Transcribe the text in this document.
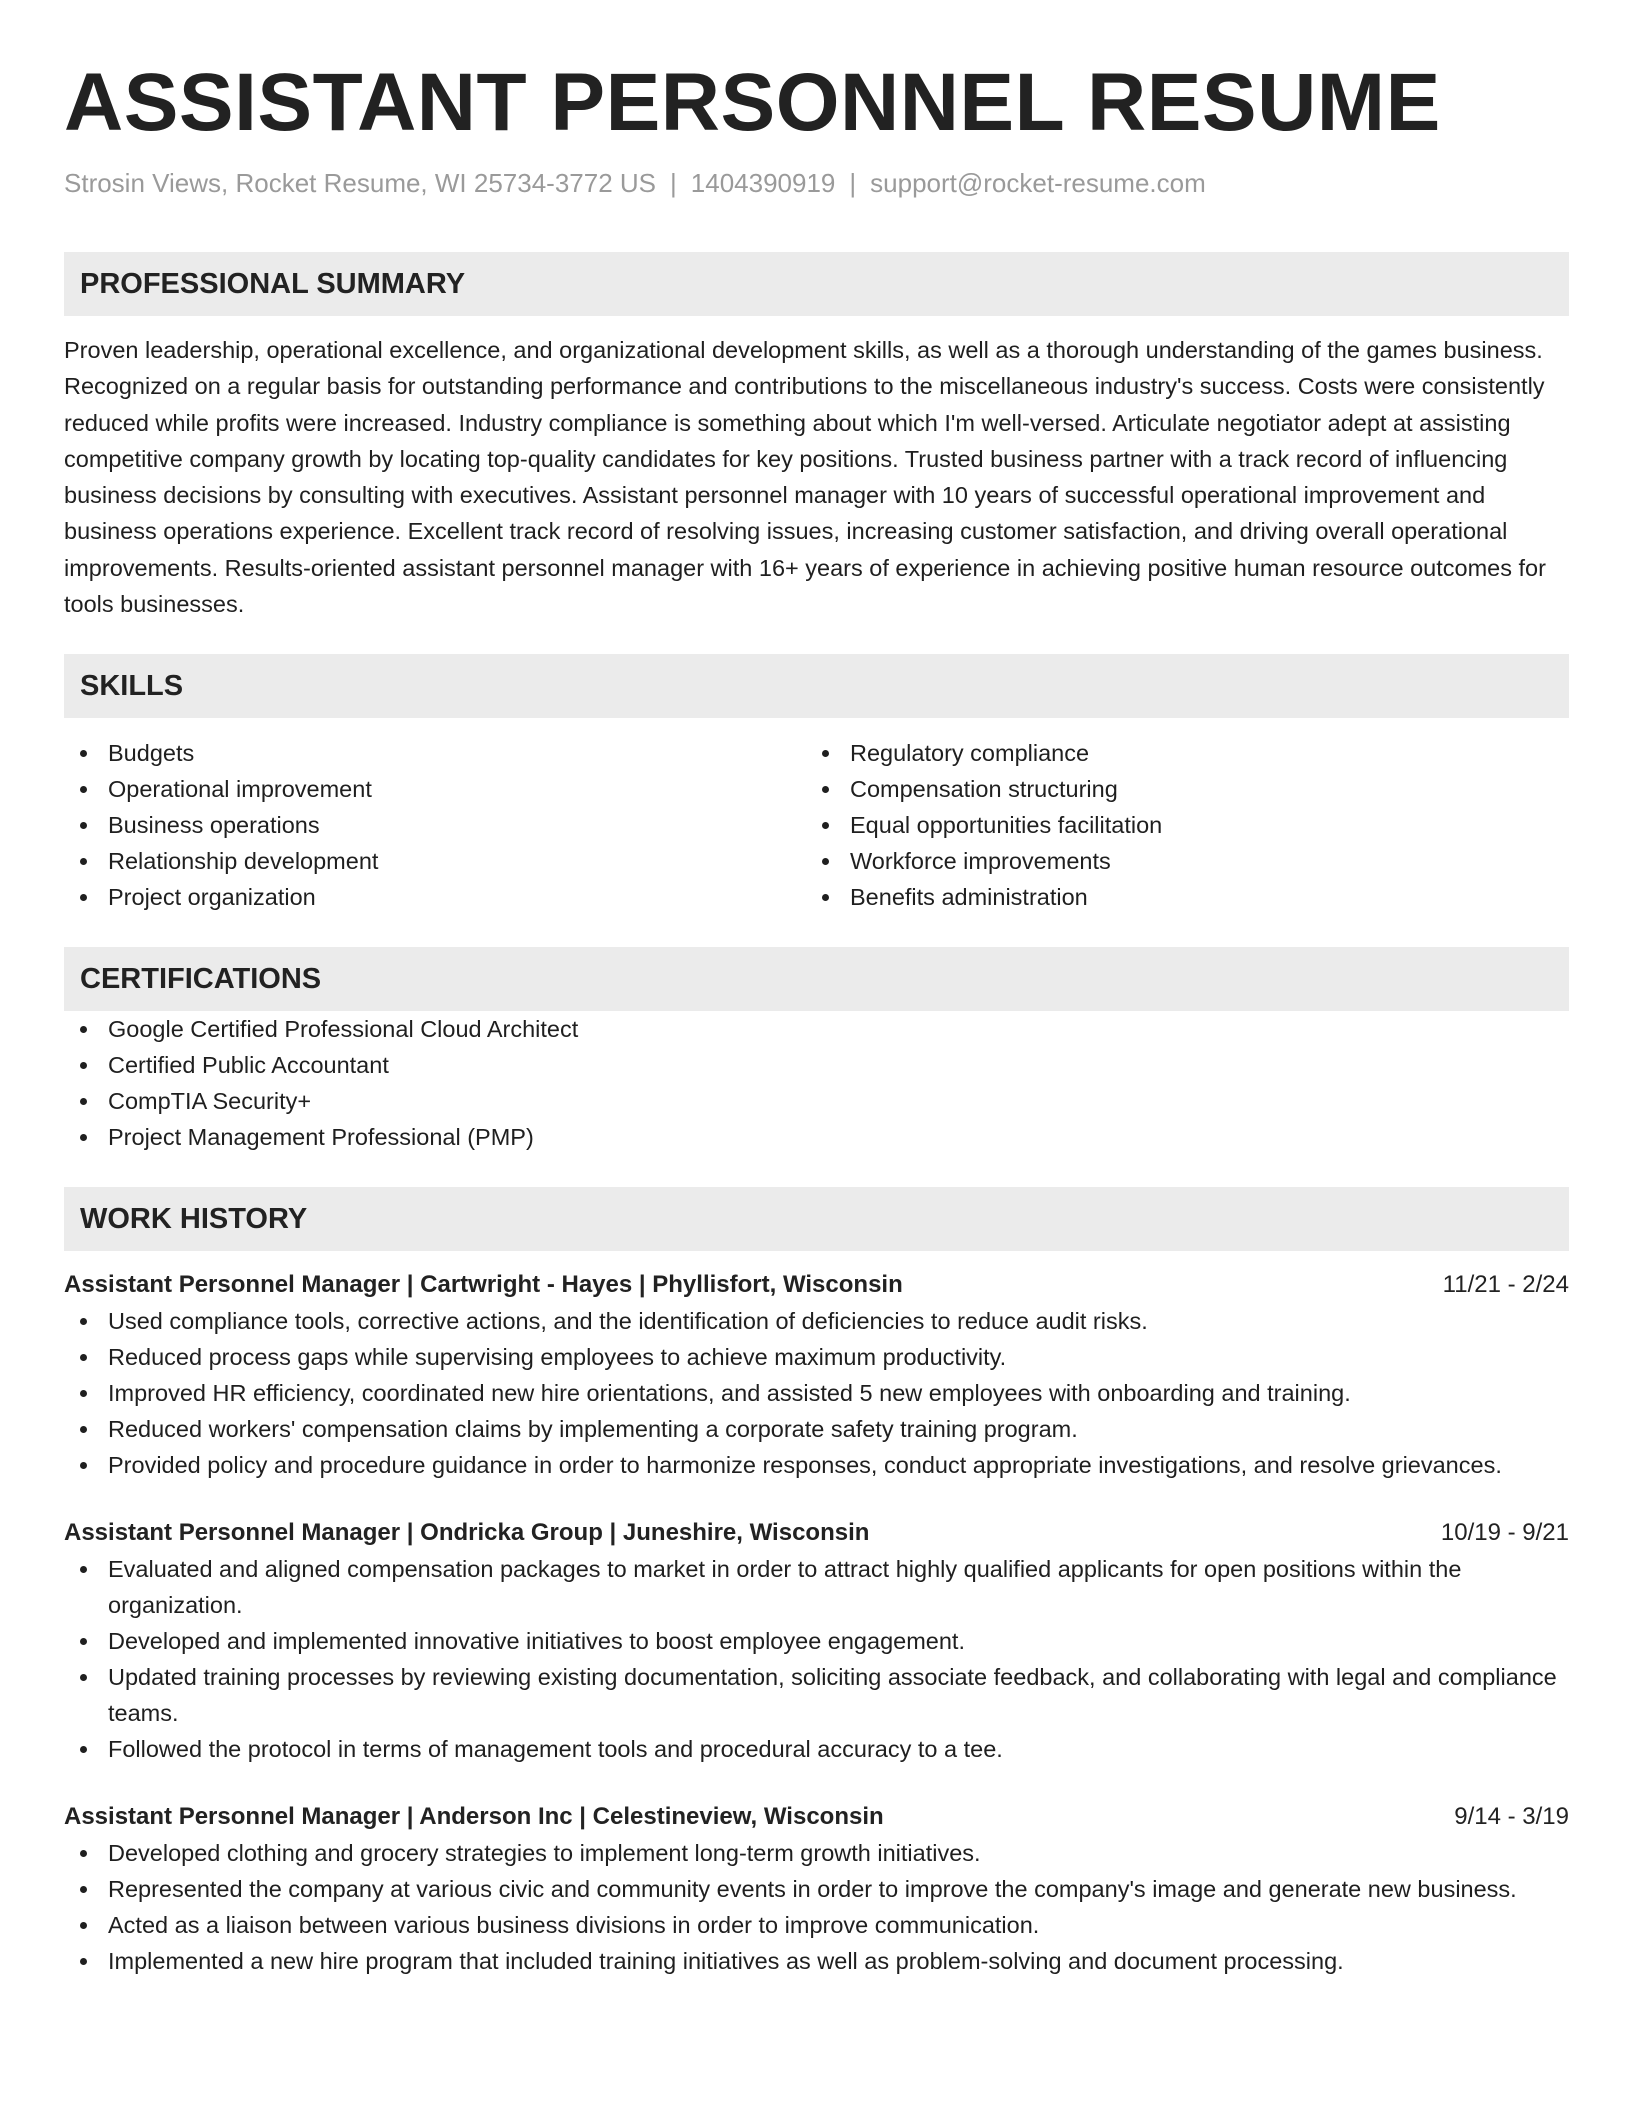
ASSISTANT PERSONNEL RESUME
Strosin Views, Rocket Resume, WI 25734-3772 US | 1404390919 | support@rocket-resume.com
PROFESSIONAL SUMMARY
Proven leadership, operational excellence, and organizational development skills, as well as a thorough understanding of the games business. Recognized on a regular basis for outstanding performance and contributions to the miscellaneous industry's success. Costs were consistently reduced while profits were increased. Industry compliance is something about which I'm well-versed. Articulate negotiator adept at assisting competitive company growth by locating top-quality candidates for key positions. Trusted business partner with a track record of influencing business decisions by consulting with executives. Assistant personnel manager with 10 years of successful operational improvement and business operations experience. Excellent track record of resolving issues, increasing customer satisfaction, and driving overall operational improvements. Results-oriented assistant personnel manager with 16+ years of experience in achieving positive human resource outcomes for tools businesses.
SKILLS
Budgets
Operational improvement
Business operations
Relationship development
Project organization
Regulatory compliance
Compensation structuring
Equal opportunities facilitation
Workforce improvements
Benefits administration
CERTIFICATIONS
Google Certified Professional Cloud Architect
Certified Public Accountant
CompTIA Security+
Project Management Professional (PMP)
WORK HISTORY
Assistant Personnel Manager | Cartwright - Hayes | Phyllisfort, Wisconsin	11/21 - 2/24
Used compliance tools, corrective actions, and the identification of deficiencies to reduce audit risks.
Reduced process gaps while supervising employees to achieve maximum productivity.
Improved HR efficiency, coordinated new hire orientations, and assisted 5 new employees with onboarding and training.
Reduced workers' compensation claims by implementing a corporate safety training program.
Provided policy and procedure guidance in order to harmonize responses, conduct appropriate investigations, and resolve grievances.
Assistant Personnel Manager | Ondricka Group | Juneshire, Wisconsin	10/19 - 9/21
Evaluated and aligned compensation packages to market in order to attract highly qualified applicants for open positions within the organization.
Developed and implemented innovative initiatives to boost employee engagement.
Updated training processes by reviewing existing documentation, soliciting associate feedback, and collaborating with legal and compliance teams.
Followed the protocol in terms of management tools and procedural accuracy to a tee.
Assistant Personnel Manager | Anderson Inc | Celestineview, Wisconsin	9/14 - 3/19
Developed clothing and grocery strategies to implement long-term growth initiatives.
Represented the company at various civic and community events in order to improve the company's image and generate new business.
Acted as a liaison between various business divisions in order to improve communication.
Implemented a new hire program that included training initiatives as well as problem-solving and document processing.
